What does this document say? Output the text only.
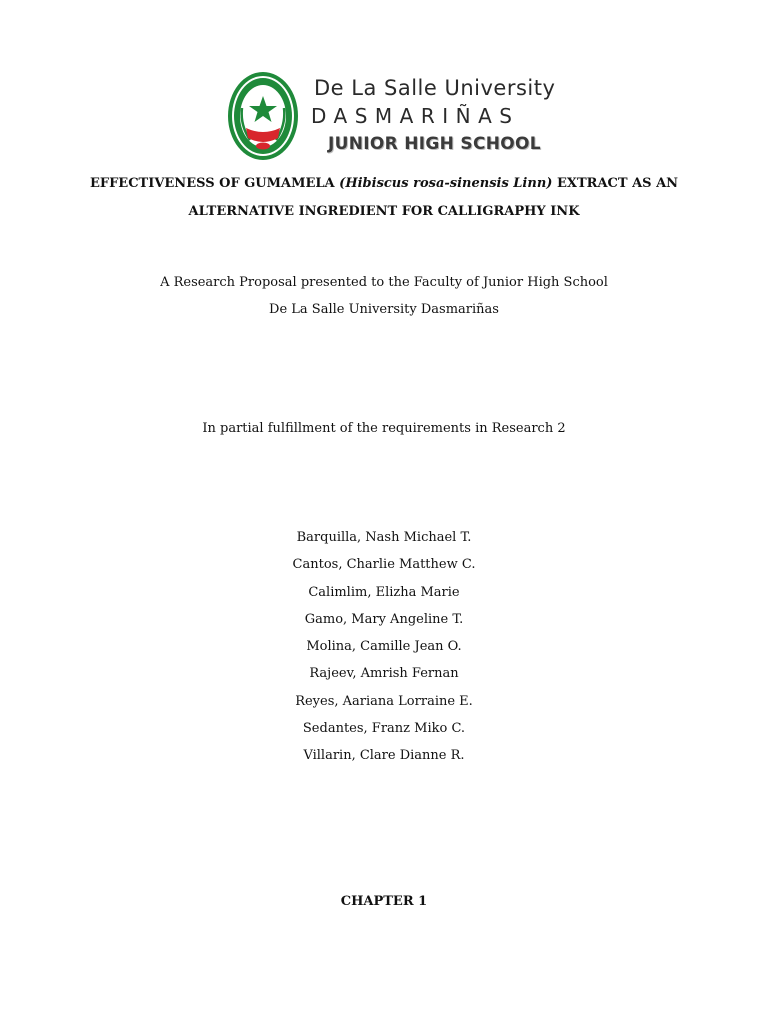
De La Salle University
DASMARIÑAS
JUNIOR HIGH SCHOOL
EFFECTIVENESS OF GUMAMELA (Hibiscus rosa-sinensis Linn) EXTRACT AS AN
ALTERNATIVE INGREDIENT FOR CALLIGRAPHY INK
A Research Proposal presented to the Faculty of Junior High School
De La Salle University Dasmariñas
In partial fulfillment of the requirements in Research 2
Barquilla, Nash Michael T.
Cantos, Charlie Matthew C.
Calimlim, Elizha Marie
Gamo, Mary Angeline T.
Molina, Camille Jean O.
Rajeev, Amrish Fernan
Reyes, Aariana Lorraine E.
Sedantes, Franz Miko C.
Villarin, Clare Dianne R.
CHAPTER 1
